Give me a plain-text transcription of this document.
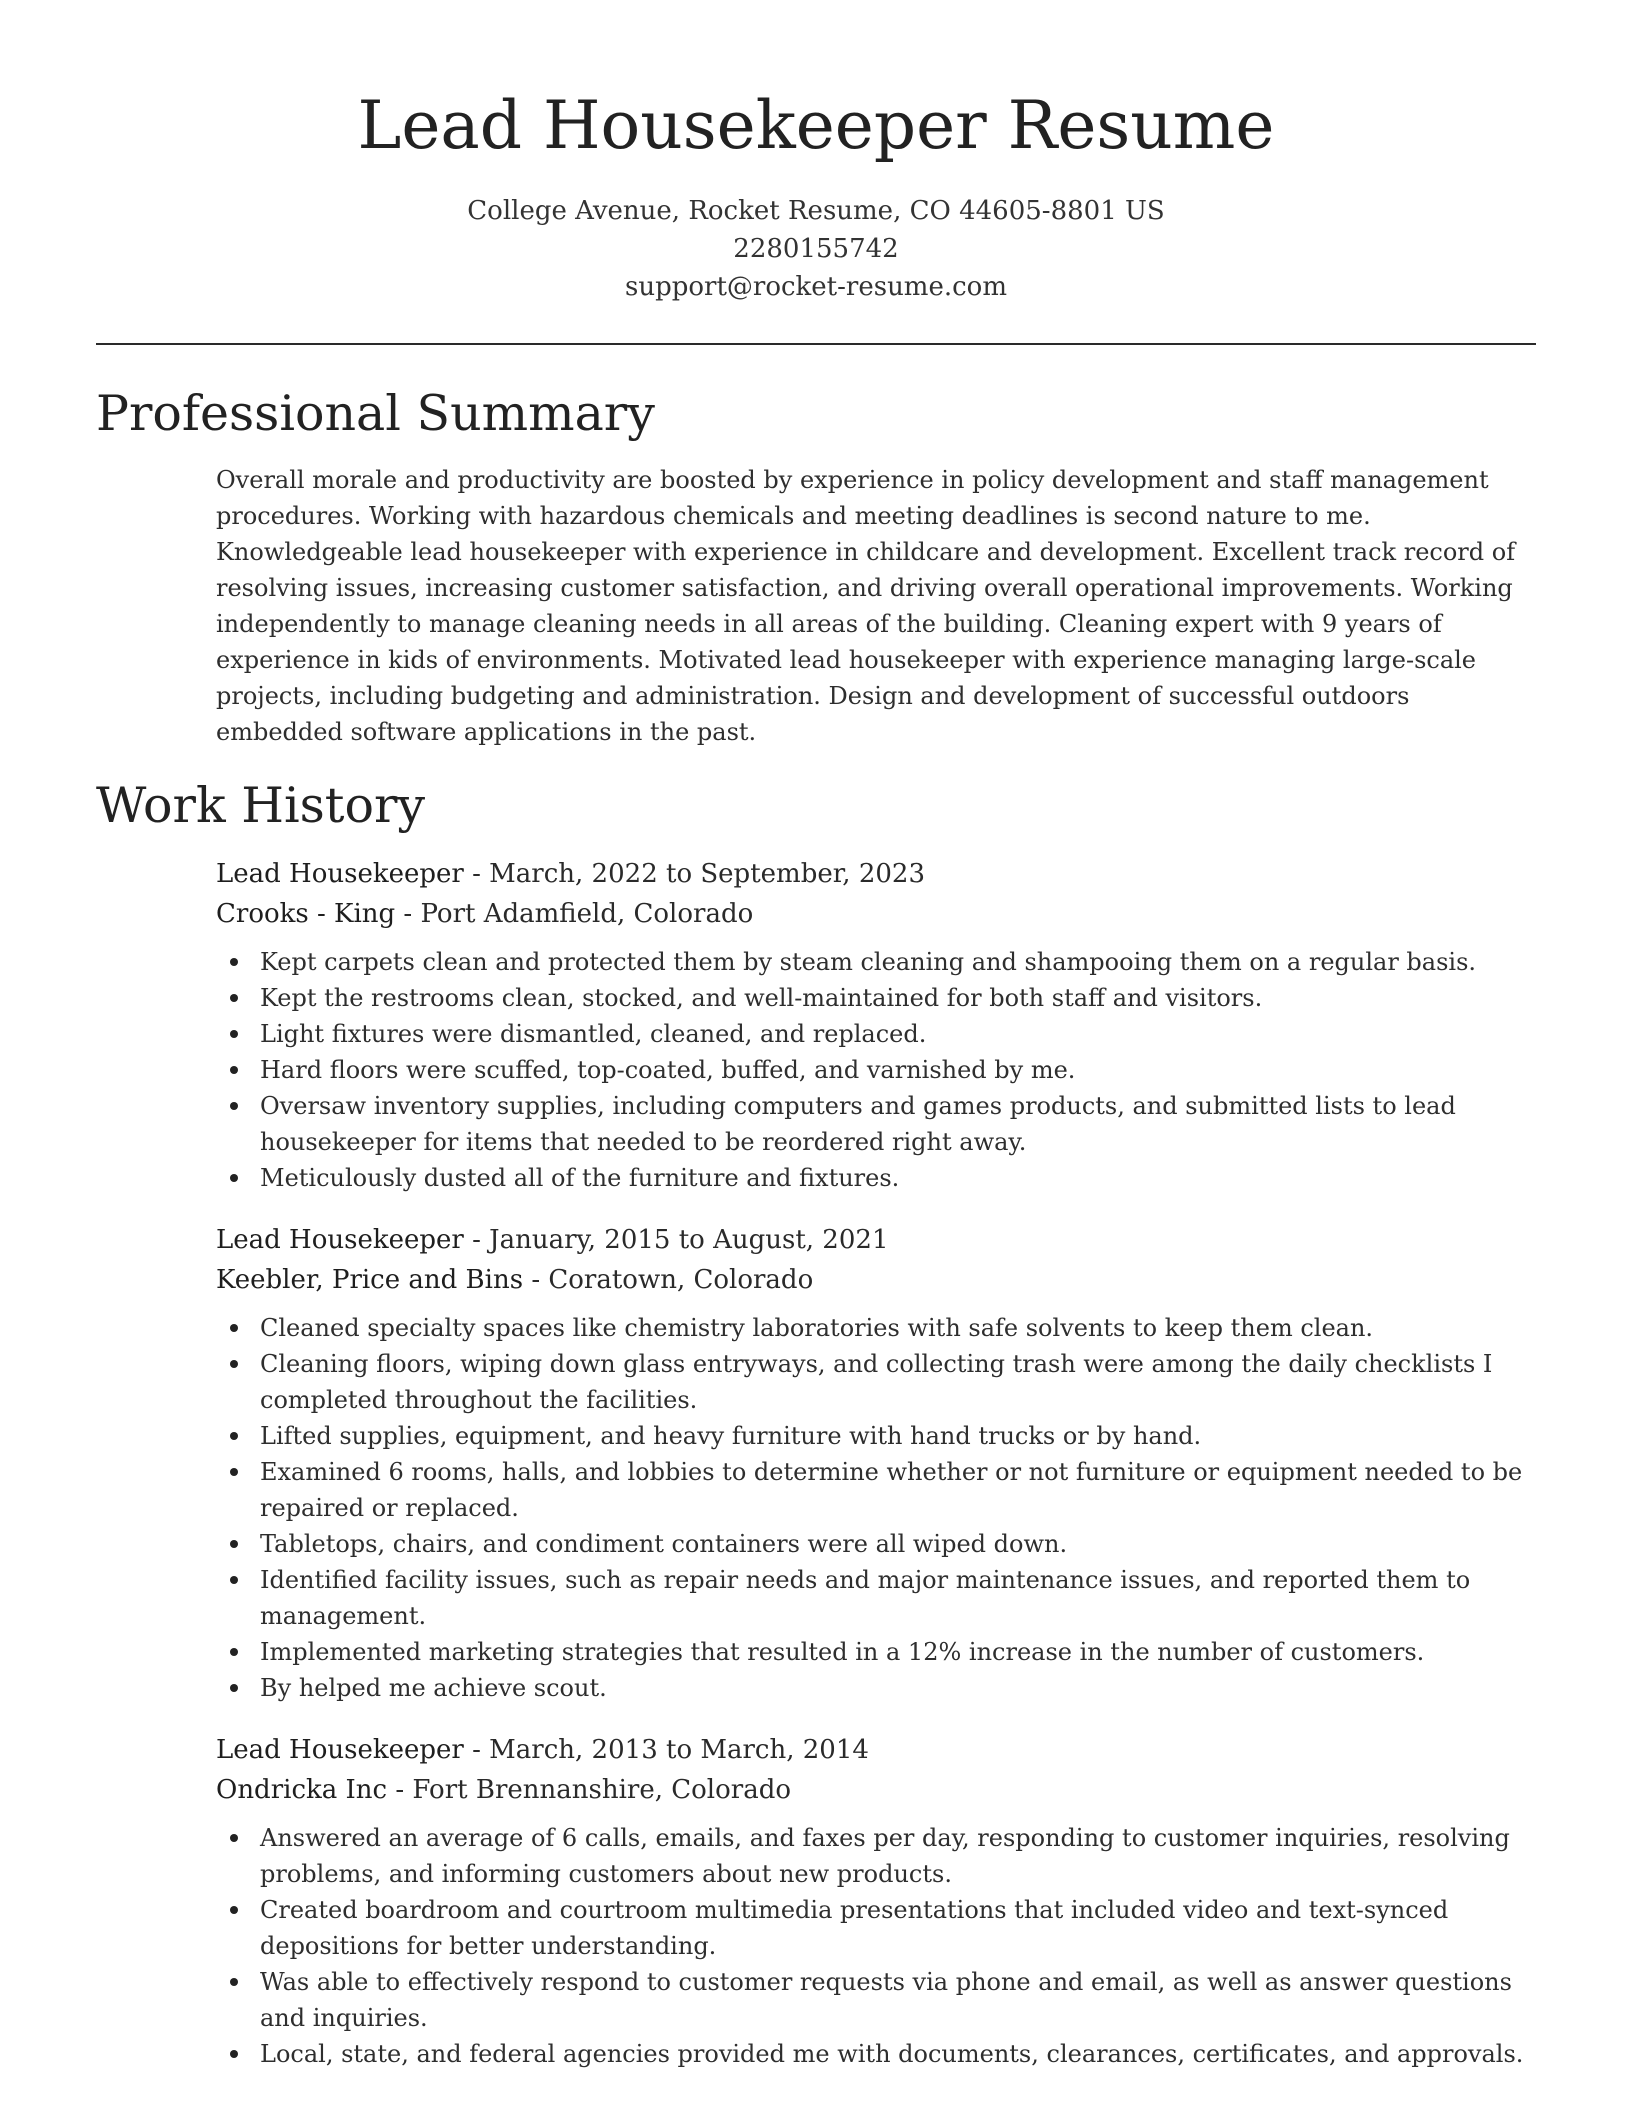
Lead Housekeeper Resume
College Avenue, Rocket Resume, CO 44605-8801 US
2280155742
support@rocket-resume.com
Professional Summary

Overall morale and productivity are boosted by experience in policy development and staff management procedures. Working with hazardous chemicals and meeting deadlines is second nature to me. Knowledgeable lead housekeeper with experience in childcare and development. Excellent track record of resolving issues, increasing customer satisfaction, and driving overall operational improvements. Working independently to manage cleaning needs in all areas of the building. Cleaning expert with 9 years of experience in kids of environments. Motivated lead housekeeper with experience managing large-scale projects, including budgeting and administration. Design and development of successful outdoors embedded software applications in the past.

Work History
Lead Housekeeper - March, 2022 to September, 2023
Crooks - King - Port Adamfield, Colorado
Kept carpets clean and protected them by steam cleaning and shampooing them on a regular basis.
Kept the restrooms clean, stocked, and well-maintained for both staff and visitors.
Light fixtures were dismantled, cleaned, and replaced.
Hard floors were scuffed, top-coated, buffed, and varnished by me.
Oversaw inventory supplies, including computers and games products, and submitted lists to lead housekeeper for items that needed to be reordered right away.
Meticulously dusted all of the furniture and fixtures.
Lead Housekeeper - January, 2015 to August, 2021
Keebler, Price and Bins - Coratown, Colorado
Cleaned specialty spaces like chemistry laboratories with safe solvents to keep them clean.
Cleaning floors, wiping down glass entryways, and collecting trash were among the daily checklists I completed throughout the facilities.
Lifted supplies, equipment, and heavy furniture with hand trucks or by hand.
Examined 6 rooms, halls, and lobbies to determine whether or not furniture or equipment needed to be repaired or replaced.
Tabletops, chairs, and condiment containers were all wiped down.
Identified facility issues, such as repair needs and major maintenance issues, and reported them to management.
Implemented marketing strategies that resulted in a 12% increase in the number of customers.
By helped me achieve scout.
Lead Housekeeper - March, 2013 to March, 2014
Ondricka Inc - Fort Brennanshire, Colorado
Answered an average of 6 calls, emails, and faxes per day, responding to customer inquiries, resolving problems, and informing customers about new products.
Created boardroom and courtroom multimedia presentations that included video and text-synced depositions for better understanding.
Was able to effectively respond to customer requests via phone and email, as well as answer questions and inquiries.
Local, state, and federal agencies provided me with documents, clearances, certificates, and approvals.
